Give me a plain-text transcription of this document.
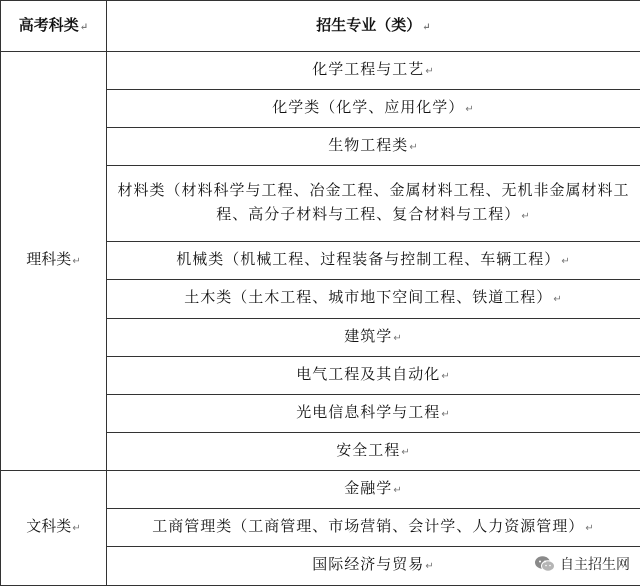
高考科类↵	招生专业（类）↵
理科类↵	化学工程与工艺↵
	化学类（化学、应用化学）↵
	生物工程类↵
	材料类（材料科学与工程、冶金工程、金属材料工程、无机非金属材料工程、高分子材料与工程、复合材料与工程）↵
	机械类（机械工程、过程装备与控制工程、车辆工程）↵
	土木类（土木工程、城市地下空间工程、铁道工程）↵
	建筑学↵
	电气工程及其自动化↵
	光电信息科学与工程↵
	安全工程↵
文科类↵	金融学↵
	工商管理类（工商管理、市场营销、会计学、人力资源管理）↵
	国际经济与贸易↵	自主招生网
